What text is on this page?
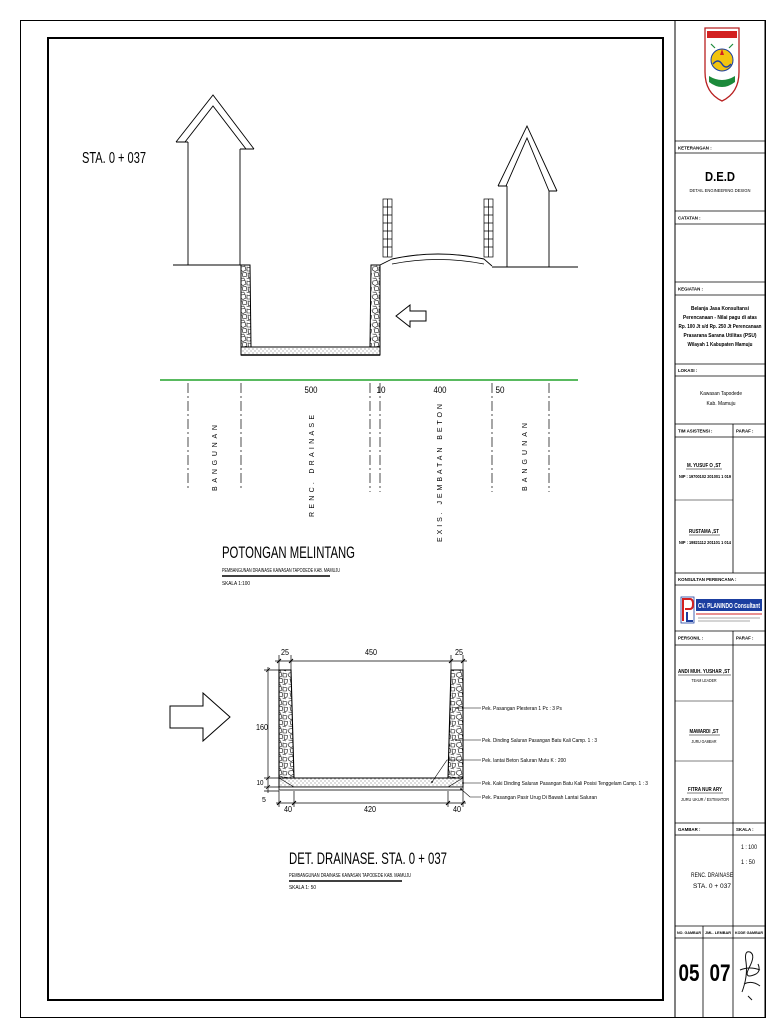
STA. 0 + 037
500	10	400	50
BANGUNAN
RENC. DRAINASE
EXIS. JEMBATAN BETON
BANGUNAN
POTONGAN MELINTANG
PEMBANGUNAN DRAINASE KAWASAN TAPODEDE KAB. MAMUJU
SKALA 1:100
25	450	25
160
10
5
40	420	40
Pek. Pasangan Plesteran 1 Pc : 3 Ps
Pek. Dinding Saluran Pasangan Batu Kali Camp. 1 : 3
Pek. lantai Beton Saluran Mutu K : 200
Pek. Kaki Dinding Saluran Pasangan Batu Kali Posisi Tenggelam Camp. 1 : 3
Pek. Pasangan Pasir Urug Di Bawah Lantai Saluran
DET. DRAINASE. STA. 0 + 037
PEMBANGUNAN DRAINASE KAWASAN TAPODEDE KAB. MAMUJU
SKALA 1: 50
KETERANGAN :
D.E.D
DETAIL ENGINEERING DESIGN
CATATAN :
KEGIATAN :
Belanja Jasa Konsultansi
Perencanaan - Nilai pagu di atas
Rp. 100 Jt s/d Rp. 250 Jt Perencanaan
Prasarana Sarana Utilitas (PSU)
Wilayah 1 Kabupaten Mamuju
LOKASI :
Kawasan Tapodede
Kab. Mamuju
TIM ASISTENSI :	PARAF :
M. YUSUF O ,ST
NIP : 19700102 201001 1 019
RUSTAMA ,ST
NIP : 19821112 201101 1 014
KONSULTAN PERENCANA :
CV. PLANINDO Consultant
PERSONIL :	PARAF :
ANDI MUH. YUSHAR ,ST
TEAM LEADER
MAWARDI ,ST
JURU GAMBAR
FITRA NUR ARY
JURU UKUR / ESTIMATOR
GAMBAR :	SKALA :
1 : 100
1 : 50
RENC. DRAINASE
STA. 0 + 037
NO. GAMBAR JML. LEMBAR KODE GAMBAR
05 07
